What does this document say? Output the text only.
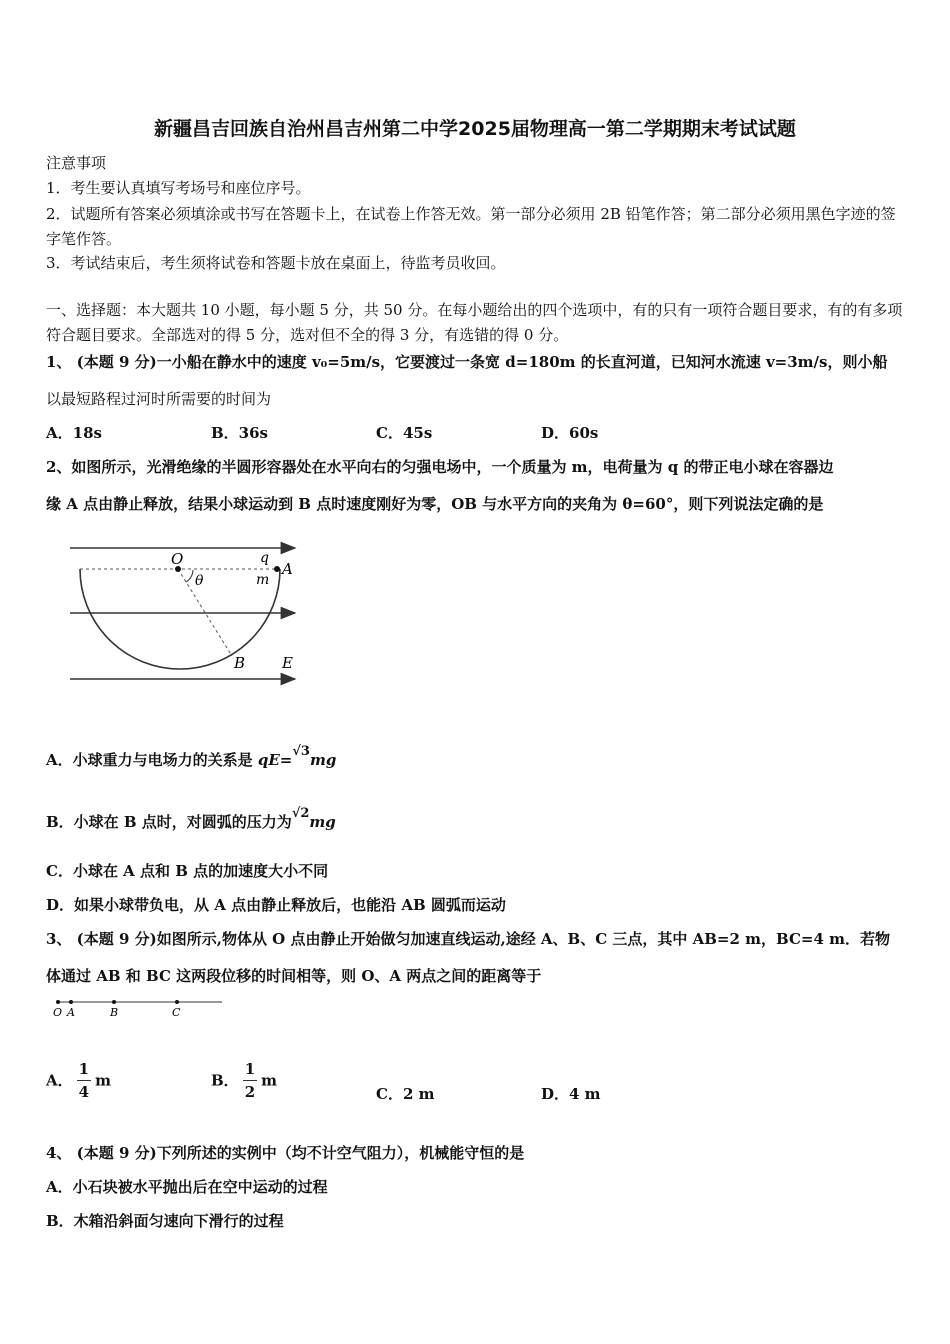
新疆昌吉回族自治州昌吉州第二中学2025届物理高一第二学期期末考试试题
注意事项
1．考生要认真填写考场号和座位序号。
2．试题所有答案必须填涂或书写在答题卡上，在试卷上作答无效。第一部分必须用 2B 铅笔作答；第二部分必须用黑色字迹的签字笔作答。
3．考试结束后，考生须将试卷和答题卡放在桌面上，待监考员收回。
一、选择题：本大题共 10 小题，每小题 5 分，共 50 分。在每小题给出的四个选项中，有的只有一项符合题目要求，有的有多项符合题目要求。全部选对的得 5 分，选对但不全的得 3 分，有选错的得 0 分。
1、 (本题 9 分)一小船在静水中的速度 v₀=5m/s，它要渡过一条宽 d=180m 的长直河道，已知河水流速 v=3m/s，则小船
以最短路程过河时所需要的时间为
A．18s	B．36s	C．45s	D．60s
2、如图所示，光滑绝缘的半圆形容器处在水平向右的匀强电场中，一个质量为 m，电荷量为 q 的带正电小球在容器边
缘 A 点由静止释放，结果小球运动到 B 点时速度刚好为零，OB 与水平方向的夹角为 θ=60°，则下列说法定确的是
O	q
A
θ	m
B E
A．小球重力与电场力的关系是 qE=√3mg
B．小球在 B 点时，对圆弧的压力为√2mg
C．小球在 A 点和 B 点的加速度大小不同
D．如果小球带负电，从 A 点由静止释放后，也能沿 AB 圆弧而运动
3、 (本题 9 分)如图所示,物体从 O 点由静止开始做匀加速直线运动,途经 A、B、C 三点，其中 AB=2 m，BC=4 m．若物
体通过 AB 和 BC 这两段位移的时间相等，则 O、A 两点之间的距离等于
O A	B	C
A． $\frac{1}{4}$ m	B． $\frac{1}{2}$ m
C．2 m	D．4 m
4、 (本题 9 分)下列所述的实例中（均不计空气阻力），机械能守恒的是
A．小石块被水平抛出后在空中运动的过程
B．木箱沿斜面匀速向下滑行的过程
